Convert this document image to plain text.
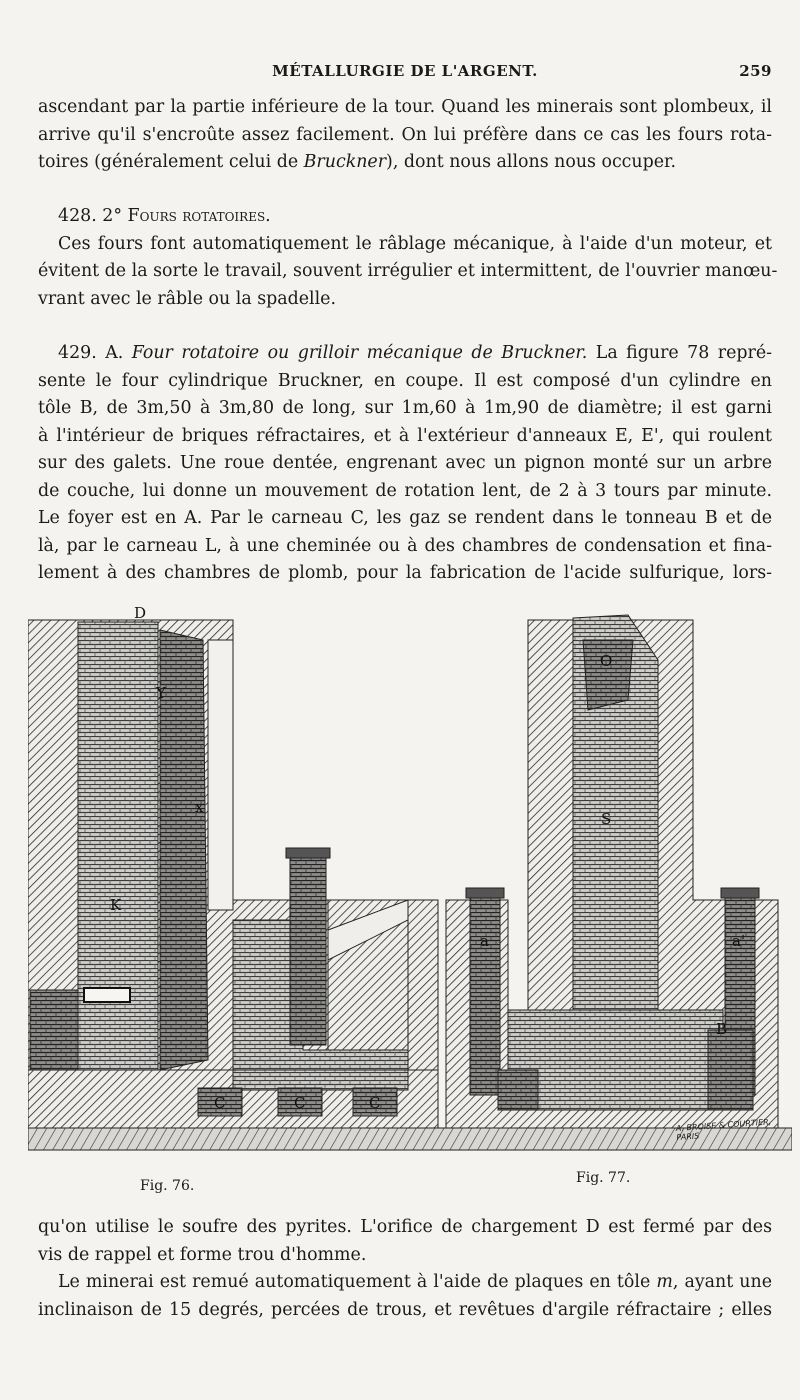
MÉTALLURGIE DE L'ARGENT.	259
ascendant par la partie inférieure de la tour. Quand les minerais sont plombeux, il
arrive qu'il s'encroûte assez facilement. On lui préfère dans ce cas les fours rota-
toires (généralement celui de Bruckner), dont nous allons nous occuper.
428. 2° Fours rotatoires.
Ces fours font automatiquement le râblage mécanique, à l'aide d'un moteur, et
évitent de la sorte le travail, souvent irrégulier et intermittent, de l'ouvrier manœu-
vrant avec le râble ou la spadelle.
429. A. Four rotatoire ou grilloir mécanique de Bruckner. La figure 78 repré-
sente le four cylindrique Bruckner, en coupe. Il est composé d'un cylindre en
tôle B, de 3m,50 à 3m,80 de long, sur 1m,60 à 1m,90 de diamètre; il est garni
à l'intérieur de briques réfractaires, et à l'extérieur d'anneaux E, E', qui roulent
sur des galets. Une roue dentée, engrenant avec un pignon monté sur un arbre
de couche, lui donne un mouvement de rotation lent, de 2 à 3 tours par minute.
Le foyer est en A. Par le carneau C, les gaz se rendent dans le tonneau B et de
là, par le carneau L, à une cheminée ou à des chambres de condensation et fina-
lement à des chambres de plomb, pour la fabrication de l'acide sulfurique, lors-
D
Y
x
K
C	C	C
O
S
a	a'
B
A. BROISE & COURTIER, PARIS
Fig. 76.	Fig. 77.
qu'on utilise le soufre des pyrites. L'orifice de chargement D est fermé par des
vis de rappel et forme trou d'homme.
Le minerai est remué automatiquement à l'aide de plaques en tôle m, ayant une
inclinaison de 15 degrés, percées de trous, et revêtues d'argile réfractaire ; elles
